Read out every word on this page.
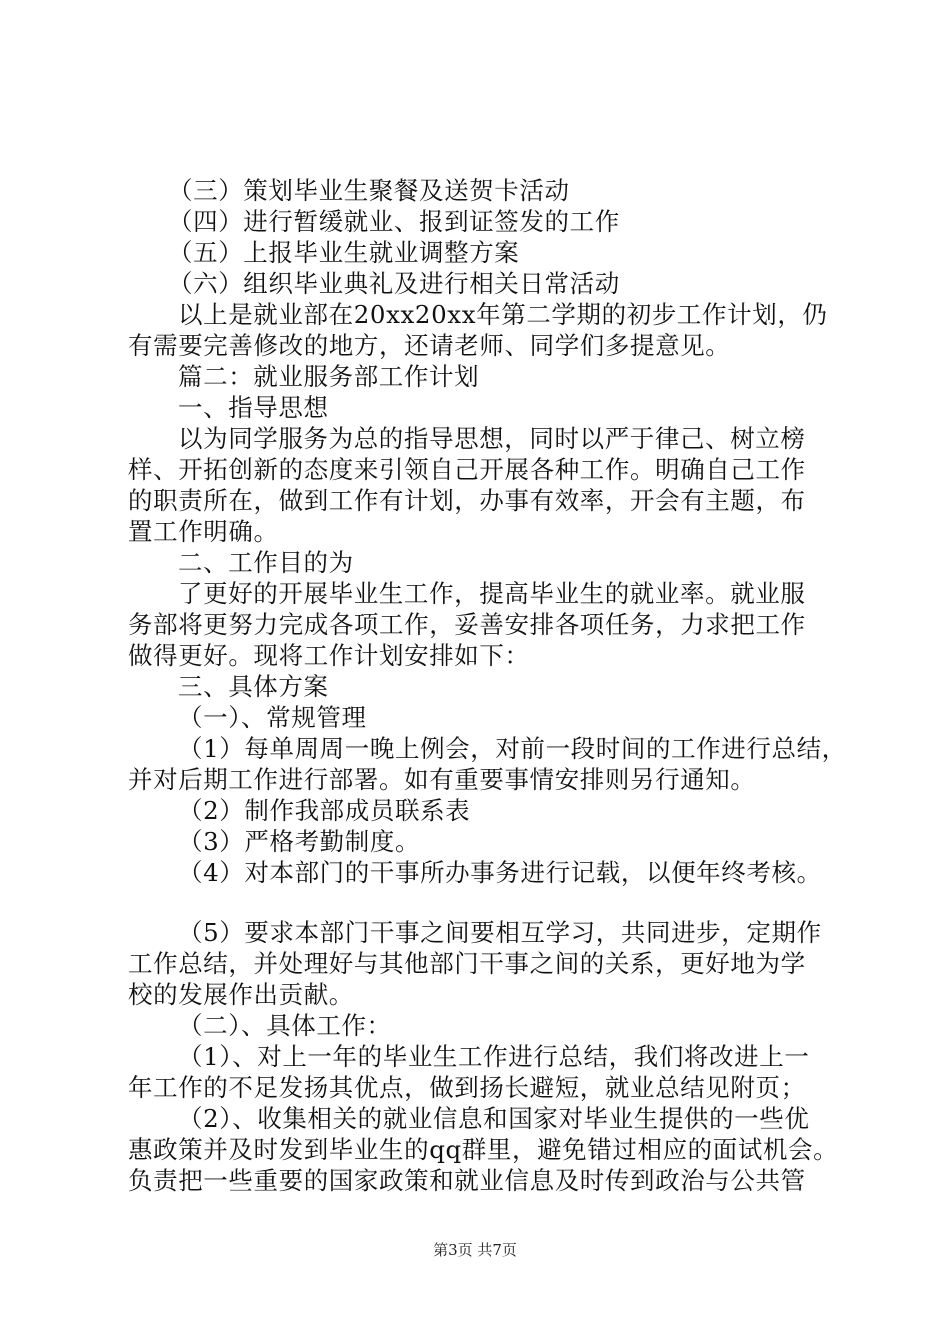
（三）策划毕业生聚餐及送贺卡活动
（四）进行暂缓就业、报到证签发的工作
（五）上报毕业生就业调整方案
（六）组织毕业典礼及进行相关日常活动
以上是就业部在20xx20xx年第二学期的初步工作计划，仍
有需要完善修改的地方，还请老师、同学们多提意见。
篇二：就业服务部工作计划
一、指导思想
以为同学服务为总的指导思想，同时以严于律己、树立榜
样、开拓创新的态度来引领自己开展各种工作。明确自己工作
的职责所在，做到工作有计划，办事有效率，开会有主题，布
置工作明确。
二、工作目的为
了更好的开展毕业生工作，提高毕业生的就业率。就业服
务部将更努力完成各项工作，妥善安排各项任务，力求把工作
做得更好。现将工作计划安排如下：
三、具体方案
（一）、常规管理
（1）每单周周一晚上例会，对前一段时间的工作进行总结，
并对后期工作进行部署。如有重要事情安排则另行通知。
（2）制作我部成员联系表
（3）严格考勤制度。
（4）对本部门的干事所办事务进行记载，以便年终考核。
（5）要求本部门干事之间要相互学习，共同进步，定期作
工作总结，并处理好与其他部门干事之间的关系，更好地为学
校的发展作出贡献。
（二）、具体工作：
（1）、对上一年的毕业生工作进行总结，我们将改进上一
年工作的不足发扬其优点，做到扬长避短，就业总结见附页；
（2）、收集相关的就业信息和国家对毕业生提供的一些优
惠政策并及时发到毕业生的qq群里，避免错过相应的面试机会。
负责把一些重要的国家政策和就业信息及时传到政治与公共管
第3页 共7页
